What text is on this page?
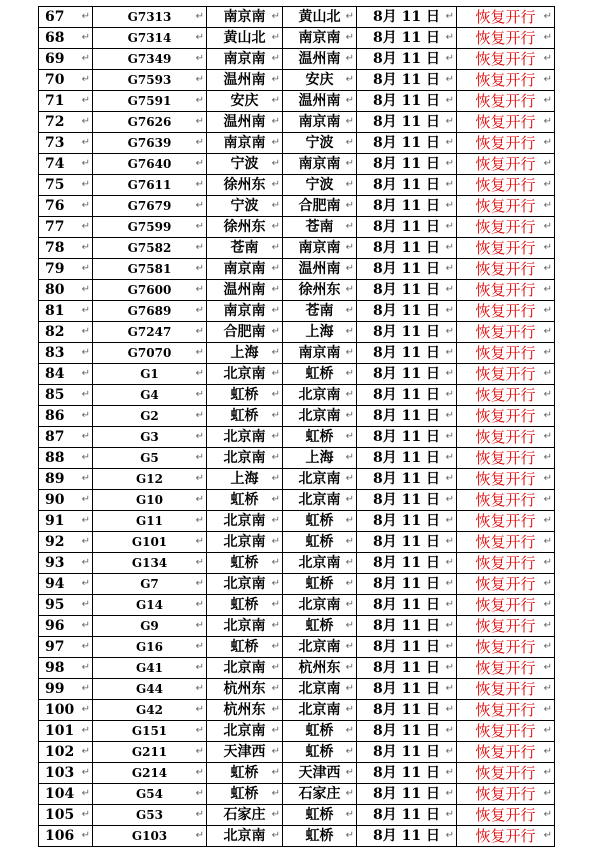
67 ↵	G7313 ↵	南京南 ↵	黄山北 ↵	8月 11 日 ↵	恢复开行 ↵

68 ↵	G7314 ↵	黄山北 ↵	南京南 ↵	8月 11 日 ↵	恢复开行 ↵

69 ↵	G7349 ↵	南京南 ↵	温州南 ↵	8月 11 日 ↵	恢复开行 ↵

70 ↵	G7593 ↵	温州南 ↵	安庆 ↵	8月 11 日 ↵	恢复开行 ↵

71 ↵	G7591 ↵	安庆 ↵	温州南 ↵	8月 11 日 ↵	恢复开行 ↵

72 ↵	G7626 ↵	温州南 ↵	南京南 ↵	8月 11 日 ↵	恢复开行 ↵

73 ↵	G7639 ↵	南京南 ↵	宁波 ↵	8月 11 日 ↵	恢复开行 ↵

74 ↵	G7640 ↵	宁波 ↵	南京南 ↵	8月 11 日 ↵	恢复开行 ↵

75 ↵	G7611 ↵	徐州东 ↵	宁波 ↵	8月 11 日 ↵	恢复开行 ↵

76 ↵	G7679 ↵	宁波 ↵	合肥南 ↵	8月 11 日 ↵	恢复开行 ↵

77 ↵	G7599 ↵	徐州东 ↵	苍南 ↵	8月 11 日 ↵	恢复开行 ↵

78 ↵	G7582 ↵	苍南 ↵	南京南 ↵	8月 11 日 ↵	恢复开行 ↵

79 ↵	G7581 ↵	南京南 ↵	温州南 ↵	8月 11 日 ↵	恢复开行 ↵

80 ↵	G7600 ↵	温州南 ↵	徐州东 ↵	8月 11 日 ↵	恢复开行 ↵

81 ↵	G7689 ↵	南京南 ↵	苍南 ↵	8月 11 日 ↵	恢复开行 ↵

82 ↵	G7247 ↵	合肥南 ↵	上海 ↵	8月 11 日 ↵	恢复开行 ↵

83 ↵	G7070 ↵	上海 ↵	南京南 ↵	8月 11 日 ↵	恢复开行 ↵

84 ↵	G1 ↵	北京南 ↵	虹桥 ↵	8月 11 日 ↵	恢复开行 ↵

85 ↵	G4 ↵	虹桥 ↵	北京南 ↵	8月 11 日 ↵	恢复开行 ↵

86 ↵	G2 ↵	虹桥 ↵	北京南 ↵	8月 11 日 ↵	恢复开行 ↵

87 ↵	G3 ↵	北京南 ↵	虹桥 ↵	8月 11 日 ↵	恢复开行 ↵

88 ↵	G5 ↵	北京南 ↵	上海 ↵	8月 11 日 ↵	恢复开行 ↵

89 ↵	G12 ↵	上海 ↵	北京南 ↵	8月 11 日 ↵	恢复开行 ↵

90 ↵	G10 ↵	虹桥 ↵	北京南 ↵	8月 11 日 ↵	恢复开行 ↵

91 ↵	G11 ↵	北京南 ↵	虹桥 ↵	8月 11 日 ↵	恢复开行 ↵

92 ↵	G101 ↵	北京南 ↵	虹桥 ↵	8月 11 日 ↵	恢复开行 ↵

93 ↵	G134 ↵	虹桥 ↵	北京南 ↵	8月 11 日 ↵	恢复开行 ↵

94 ↵	G7 ↵	北京南 ↵	虹桥 ↵	8月 11 日 ↵	恢复开行 ↵

95 ↵	G14 ↵	虹桥 ↵	北京南 ↵	8月 11 日 ↵	恢复开行 ↵

96 ↵	G9 ↵	北京南 ↵	虹桥 ↵	8月 11 日 ↵	恢复开行 ↵

97 ↵	G16 ↵	虹桥 ↵	北京南 ↵	8月 11 日 ↵	恢复开行 ↵

98 ↵	G41 ↵	北京南 ↵	杭州东 ↵	8月 11 日 ↵	恢复开行 ↵

99 ↵	G44 ↵	杭州东 ↵	北京南 ↵	8月 11 日 ↵	恢复开行 ↵

100 ↵	G42 ↵	杭州东 ↵	北京南 ↵	8月 11 日 ↵	恢复开行 ↵

101 ↵	G151 ↵	北京南 ↵	虹桥 ↵	8月 11 日 ↵	恢复开行 ↵

102 ↵	G211 ↵	天津西 ↵	虹桥 ↵	8月 11 日 ↵	恢复开行 ↵

103 ↵	G214 ↵	虹桥 ↵	天津西 ↵	8月 11 日 ↵	恢复开行 ↵

104 ↵	G54 ↵	虹桥 ↵	石家庄 ↵	8月 11 日 ↵	恢复开行 ↵

105 ↵	G53 ↵	石家庄 ↵	虹桥 ↵	8月 11 日 ↵	恢复开行 ↵

106 ↵	G103 ↵	北京南 ↵	虹桥 ↵	8月 11 日 ↵	恢复开行 ↵
